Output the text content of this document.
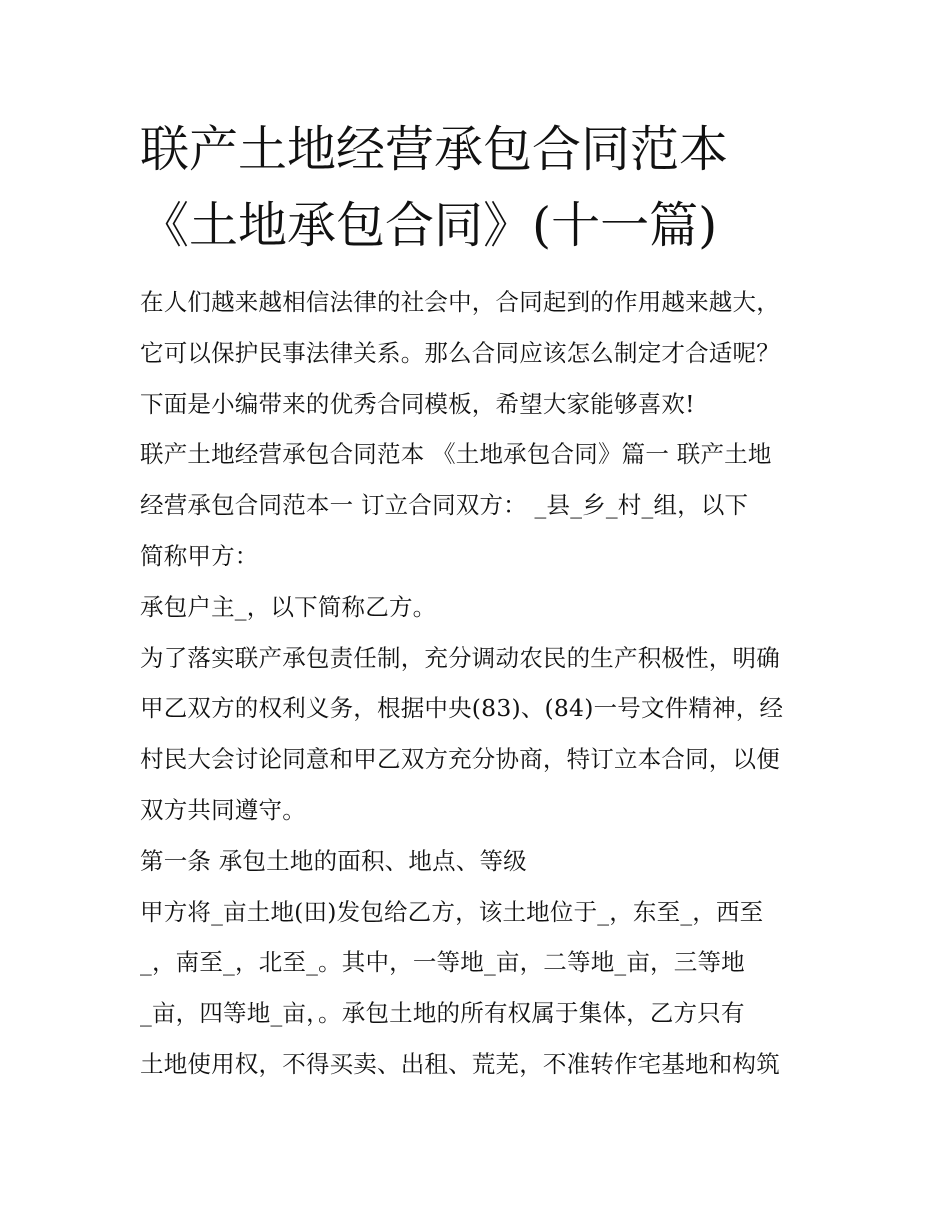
联产土地经营承包合同范本
《土地承包合同》(十一篇)
在人们越来越相信法律的社会中，合同起到的作用越来越大，
它可以保护民事法律关系。那么合同应该怎么制定才合适呢？
下面是小编带来的优秀合同模板，希望大家能够喜欢!
联产土地经营承包合同范本 《土地承包合同》篇一 联产土地
经营承包合同范本一 订立合同双方： _县_乡_村_组，以下
简称甲方：
承包户主_，以下简称乙方。
为了落实联产承包责任制，充分调动农民的生产积极性，明确
甲乙双方的权利义务，根据中央(83)、(84)一号文件精神，经
村民大会讨论同意和甲乙双方充分协商，特订立本合同，以便
双方共同遵守。
第一条 承包土地的面积、地点、等级
甲方将_亩土地(田)发包给乙方，该土地位于_，东至_，西至
_，南至_，北至_。其中，一等地_亩，二等地_亩，三等地
_亩，四等地_亩，。承包土地的所有权属于集体，乙方只有
土地使用权，不得买卖、出租、荒芜，不准转作宅基地和构筑
